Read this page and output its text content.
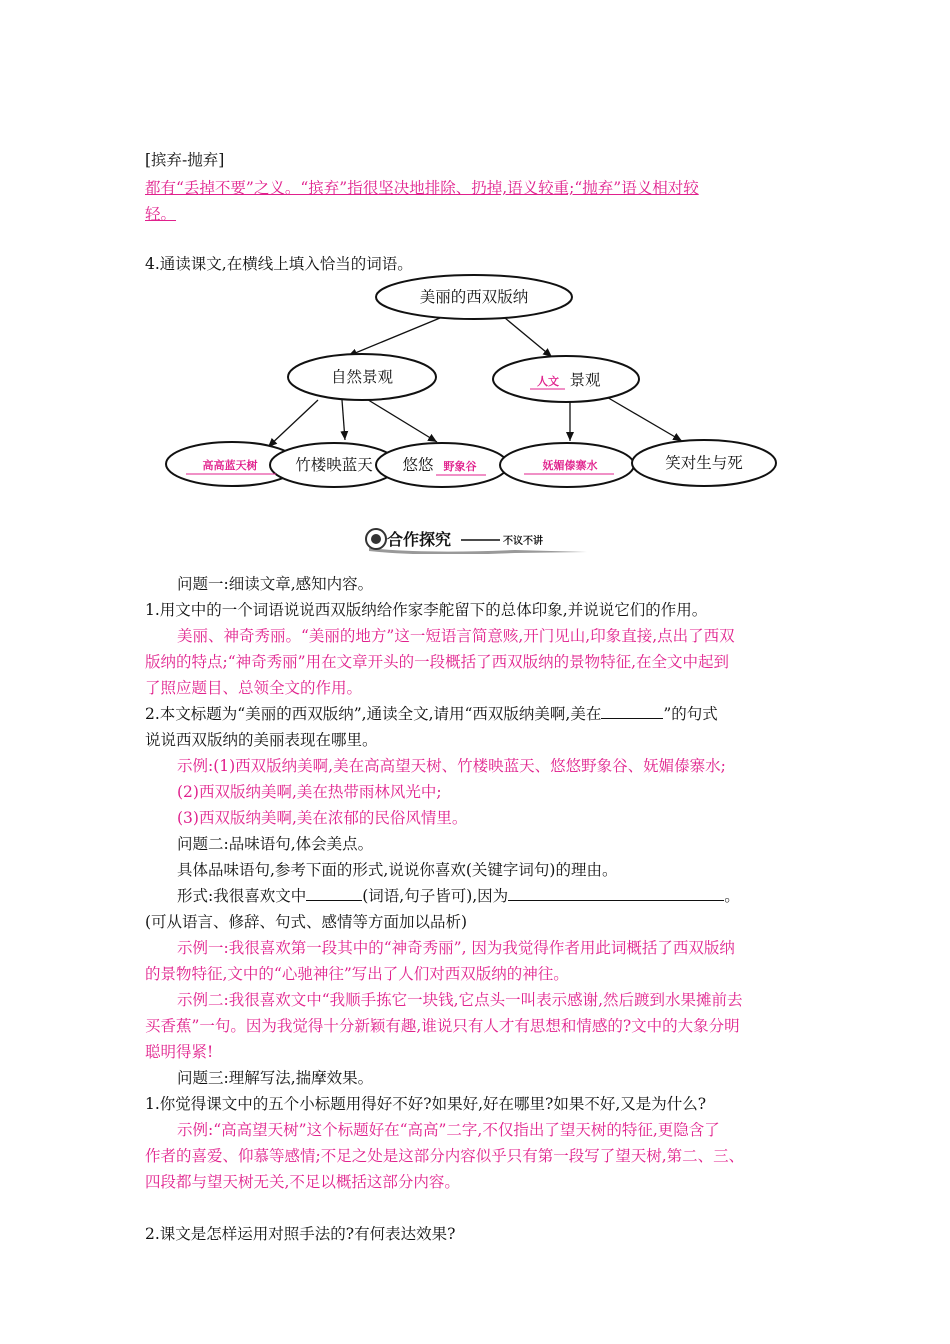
[摈弃-抛弃]
都有“丢掉不要”之义。“摈弃”指很坚决地排除、扔掉,语义较重;“抛弃”语义相对较
轻。
4.通读课文,在横线上填入恰当的词语。
美丽的西双版纳
自然景观
竹楼映蓝天	笑对生与死
人文 景观
高高蓝天树	悠悠 野象谷	妩媚傣寨水
合作探究	不议不讲
问题一:细读文章,感知内容。
1.用文中的一个词语说说西双版纳给作家李舵留下的总体印象,并说说它们的作用。
美丽、神奇秀丽。“美丽的地方”这一短语言简意赅,开门见山,印象直接,点出了西双
版纳的特点;“神奇秀丽”用在文章开头的一段概括了西双版纳的景物特征,在全文中起到
了照应题目、总领全文的作用。
2.本文标题为“美丽的西双版纳”,通读全文,请用“西双版纳美啊,美在	”的句式
说说西双版纳的美丽表现在哪里。
示例:(1)西双版纳美啊,美在高高望天树、竹楼映蓝天、悠悠野象谷、妩媚傣寨水;
(2)西双版纳美啊,美在热带雨林风光中;
(3)西双版纳美啊,美在浓郁的民俗风情里。
问题二:品味语句,体会美点。
具体品味语句,参考下面的形式,说说你喜欢(关键字词句)的理由。
形式:我很喜欢文中	(词语,句子皆可),因为	。
(可从语言、修辞、句式、感情等方面加以品析)
示例一:我很喜欢第一段其中的“神奇秀丽”, 因为我觉得作者用此词概括了西双版纳
的景物特征,文中的“心驰神往”写出了人们对西双版纳的神往。
示例二:我很喜欢文中“我顺手拣它一块钱,它点头一叫表示感谢,然后踱到水果摊前去
买香蕉”一句。因为我觉得十分新颖有趣,谁说只有人才有思想和情感的?文中的大象分明
聪明得紧!
问题三:理解写法,揣摩效果。
1.你觉得课文中的五个小标题用得好不好?如果好,好在哪里?如果不好,又是为什么?
示例:“高高望天树”这个标题好在“高高”二字,不仅指出了望天树的特征,更隐含了
作者的喜爱、仰慕等感情;不足之处是这部分内容似乎只有第一段写了望天树,第二、三、
四段都与望天树无关,不足以概括这部分内容。
2.课文是怎样运用对照手法的?有何表达效果?
